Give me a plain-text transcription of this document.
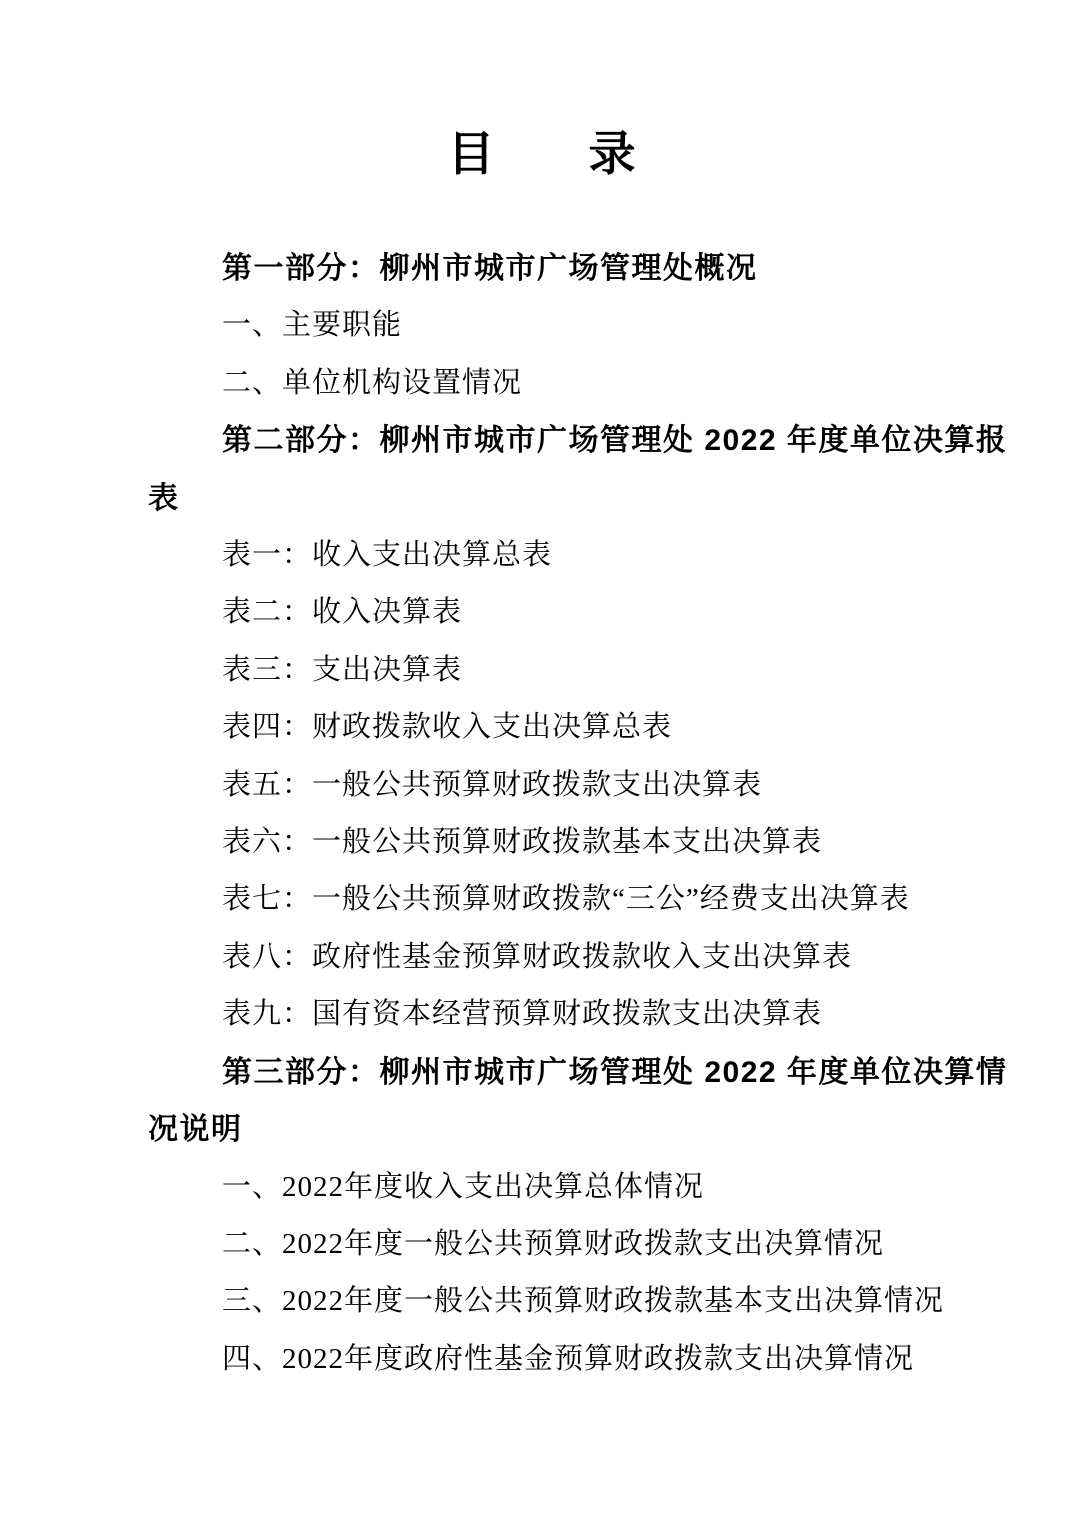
目　　录
第一部分：柳州市城市广场管理处概况
一、主要职能
二、单位机构设置情况
第二部分：柳州市城市广场管理处 2022 年度单位决算报
表
表一：收入支出决算总表
表二：收入决算表
表三：支出决算表
表四：财政拨款收入支出决算总表
表五：一般公共预算财政拨款支出决算表
表六：一般公共预算财政拨款基本支出决算表
表七：一般公共预算财政拨款“三公”经费支出决算表
表八：政府性基金预算财政拨款收入支出决算表
表九：国有资本经营预算财政拨款支出决算表
第三部分：柳州市城市广场管理处 2022 年度单位决算情
况说明
一、2022年度收入支出决算总体情况
二、2022年度一般公共预算财政拨款支出决算情况
三、2022年度一般公共预算财政拨款基本支出决算情况
四、2022年度政府性基金预算财政拨款支出决算情况
